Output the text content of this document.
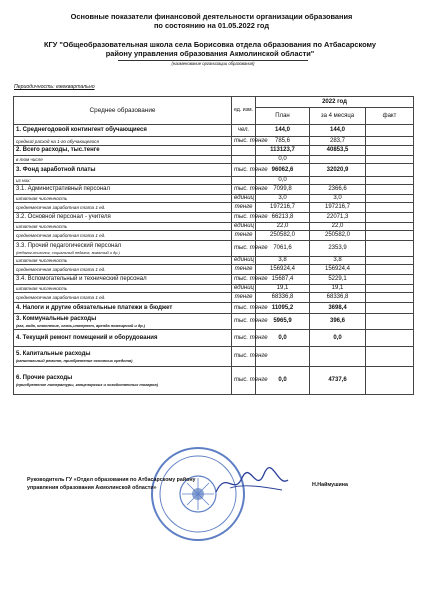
Основные показатели финансовой деятельности организации образования
по состоянию на 01.05.2022 год
КГУ "Общеобразовательная школа села Борисовка отдела образования по Атбасарскому району управления образования Акмолинской области"
(наименование организации образования)
Периодичность: ежеквартально
Среднее образование	ед. изм.	2022 год		
		План	за 4 месяца	факт
1. Среднегодовой контингент обучающиеся	чел.	144,0	144,0	
средний расход на 1-го обучающегося	тыс. тенге	785,6	283,7	
2. Всего расходы, тыс.тенге		113123,7	40853,5	
в том числе		0,0		
3. Фонд заработной платы	тыс. тенге	96062,6	32020,9	
из них:		0,0		
3.1. Административный персонал	тыс. тенге	7099,8	2366,6	
штатная численность	единиц	3,0	3,0	
среднемесячная заработная плата 1 ед.	тенге	197216,7	197216,7	
3.2. Основной персонал - учителя	тыс. тенге	66213,8	22071,3	
штатная численность	единиц	22,0	22,0	
среднемесячная заработная плата 1 ед.	тенге	250582,0	250582,0	
3.3. Прочий педагогический персонал
(педагог-психолог, социальный педагог, вожатый и др.)	тыс. тенге	7061,6	2353,9	
штатная численность	единиц	3,8	3,8	
среднемесячная заработная плата 1 ед.	тенге	156924,4	156924,4	
3.4. Вспомогательный и технический персонал	тыс. тенге	15687,4	5229,1	
штатная численность	единиц	19,1	19,1	
среднемесячная заработная плата 1 ед.	тенге	68336,8	68336,8	
4. Налоги и другие обязательные платежи в бюджет	тыс. тенге	11095,2	3698,4	
3. Коммунальные расходы
(газ, вода, отопление, связь,интернет, аренда помещений и др.)	тыс. тенге	5965,9	396,6	
4. Текущий ремонт помещений и оборудования	тыс. тенге	0,0	0,0	
5. Капитальные расходы
(капитальный ремонт, приобретение основных средств)	тыс. тенге			
6. Прочие расходы
(приобретение литературы, канцелярских и хозяйственных товаров)	тыс. тенге	0,0	4737,6	
Руководитель ГУ «Отдел образования по Атбасарскому району
управления образования Акмолинской области»	Н.Наймушина
